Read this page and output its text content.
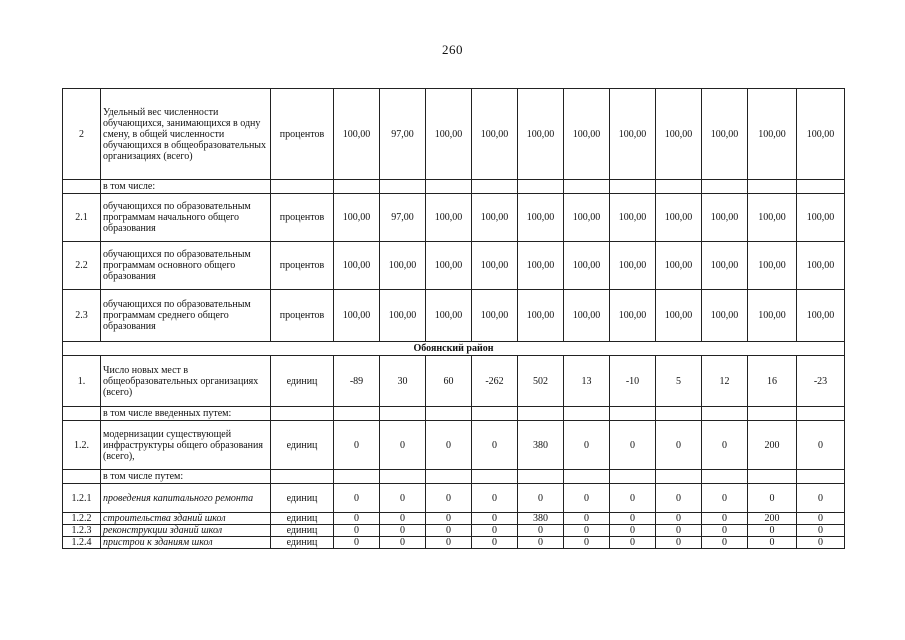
260
2	Удельный вес численности обучающихся, занимающихся в одну смену, в общей численности обучающихся в общеобразовательных организациях (всего)	процентов	100,00	97,00	100,00	100,00	100,00	100,00	100,00	100,00	100,00	100,00	100,00
	в том числе:												
2.1	обучающихся по образовательным программам начального общего образования	процентов	100,00	97,00	100,00	100,00	100,00	100,00	100,00	100,00	100,00	100,00	100,00
2.2	обучающихся по образовательным программам основного общего образования	процентов	100,00	100,00	100,00	100,00	100,00	100,00	100,00	100,00	100,00	100,00	100,00
2.3	обучающихся по образовательным программам среднего общего образования	процентов	100,00	100,00	100,00	100,00	100,00	100,00	100,00	100,00	100,00	100,00	100,00
Обоянский район													
1.	Число новых мест в общеобразовательных организациях (всего)	единиц	-89	30	60	-262	502	13	-10	5	12	16	-23
	в том числе введенных путем:												
1.2.	модернизации существующей инфраструктуры общего образования (всего),	единиц	0	0	0	0	380	0	0	0	0	200	0
	в том числе путем:												
1.2.1	проведения капитального ремонта	единиц	0	0	0	0	0	0	0	0	0	0	0
1.2.2	строительства зданий школ	единиц	0	0	0	0	380	0	0	0	0	200	0
1.2.3	реконструкции зданий школ	единиц	0	0	0	0	0	0	0	0	0	0	0
1.2.4	пристрои к зданиям школ	единиц	0	0	0	0	0	0	0	0	0	0	0
